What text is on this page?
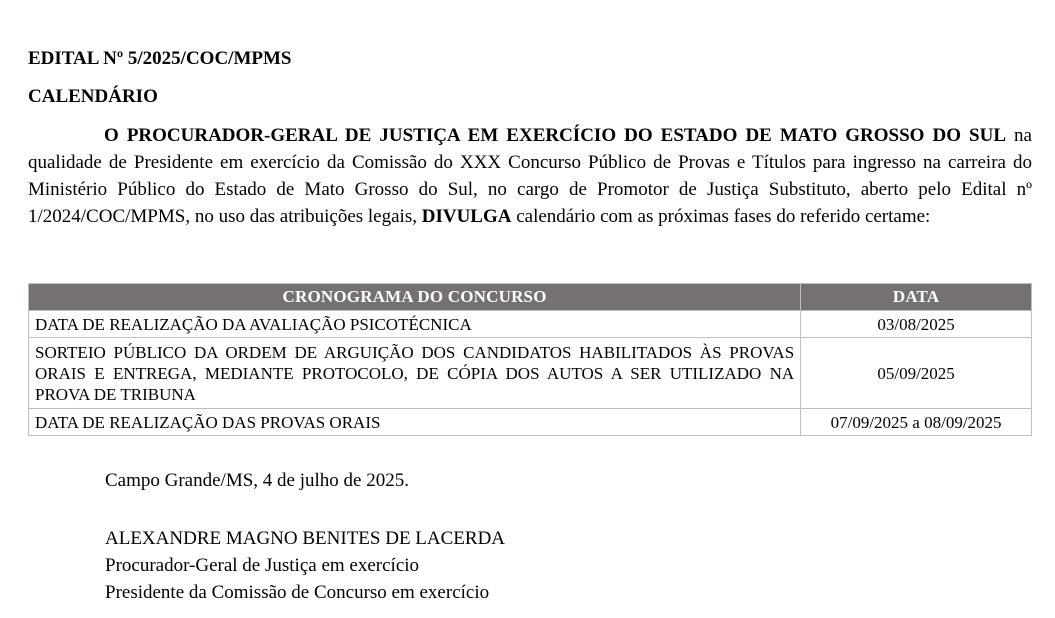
EDITAL Nº 5/2025/COC/MPMS

CALENDÁRIO

O PROCURADOR-GERAL DE JUSTIÇA EM EXERCÍCIO DO ESTADO DE MATO GROSSO DO SUL na qualidade de Presidente em exercício da Comissão do XXX Concurso Público de Provas e Títulos para ingresso na carreira do Ministério Público do Estado de Mato Grosso do Sul, no cargo de Promotor de Justiça Substituto, aberto pelo Edital nº 1/2024/COC/MPMS, no uso das atribuições legais, DIVULGA calendário com as próximas fases do referido certame:

CRONOGRAMA DO CONCURSO	DATA
DATA DE REALIZAÇÃO DA AVALIAÇÃO PSICOTÉCNICA	03/08/2025
SORTEIO PÚBLICO DA ORDEM DE ARGUIÇÃO DOS CANDIDATOS HABILITADOS ÀS PROVAS ORAIS E ENTREGA, MEDIANTE PROTOCOLO, DE CÓPIA DOS AUTOS A SER UTILIZADO NA PROVA DE TRIBUNA	05/09/2025
DATA DE REALIZAÇÃO DAS PROVAS ORAIS	07/09/2025 a 08/09/2025

Campo Grande/MS, 4 de julho de 2025.

ALEXANDRE MAGNO BENITES DE LACERDA
Procurador-Geral de Justiça em exercício
Presidente da Comissão de Concurso em exercício
